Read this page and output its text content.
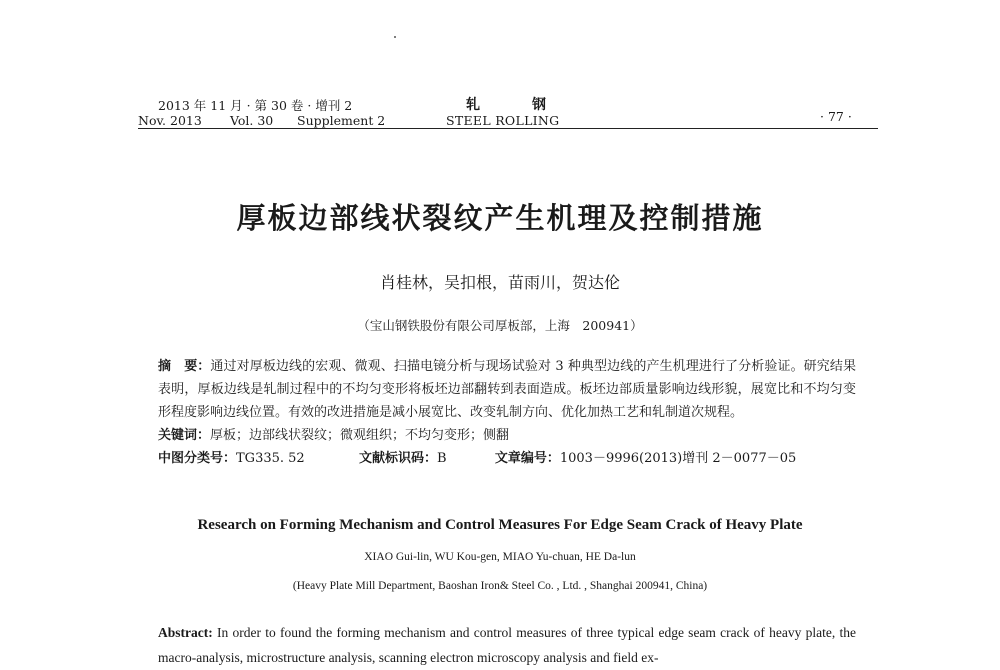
2013 年 11 月 · 第 30 卷 · 增刊 2
Nov. 2013 Vol. 30 Supplement 2
轧	钢
STEEL ROLLING	· 77 ·
厚板边部线状裂纹产生机理及控制措施
肖桂林，吴扣根，苗雨川，贺达伦
（宝山钢铁股份有限公司厚板部，上海　200941）
摘　要：通过对厚板边线的宏观、微观、扫描电镜分析与现场试验对 3 种典型边线的产生机理进行了分析验证。研究结果表明，厚板边线是轧制过程中的不均匀变形将板坯边部翻转到表面造成。板坯边部质量影响边线形貌，展宽比和不均匀变形程度影响边线位置。有效的改进措施是减小展宽比、改变轧制方向、优化加热工艺和轧制道次规程。
关键词：厚板；边部线状裂纹；微观组织；不均匀变形；侧翻
中图分类号：TG335. 52	文献标识码：B	文章编号：1003－9996(2013)增刊 2－0077－05
Research on Forming Mechanism and Control Measures For Edge Seam Crack of Heavy Plate
XIAO Gui-lin, WU Kou-gen, MIAO Yu-chuan, HE Da-lun
(Heavy Plate Mill Department, Baoshan Iron& Steel Co. , Ltd. , Shanghai 200941, China)
Abstract: In order to found the forming mechanism and control measures of three typical edge seam crack of heavy plate, the macro-analysis, microstructure analysis, scanning electron microscopy analysis and field ex-
